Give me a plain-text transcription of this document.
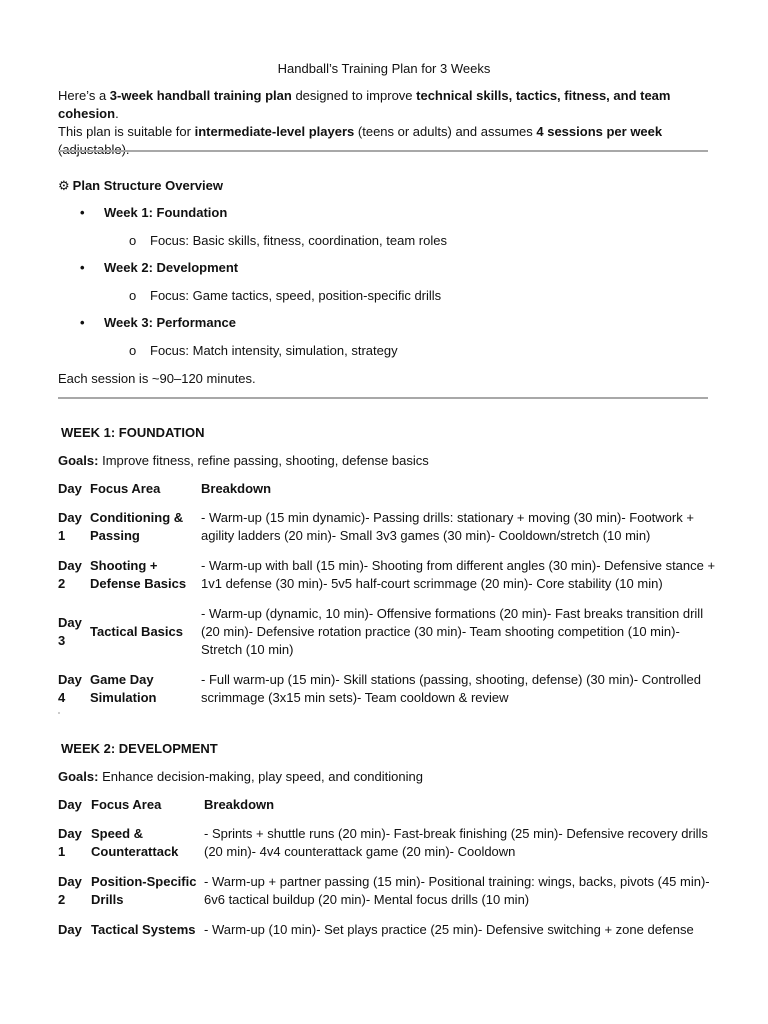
Handball’s Training Plan for 3 Weeks
Here’s a 3-week handball training plan designed to improve technical skills, tactics, fitness, and team cohesion.
This plan is suitable for intermediate-level players (teens or adults) and assumes 4 sessions per week
(adjustable).
⚙ Plan Structure Overview
• Week 1: Foundation
o Focus: Basic skills, fitness, coordination, team roles
• Week 2: Development
o Focus: Game tactics, speed, position-specific drills
• Week 3: Performance
o Focus: Match intensity, simulation, strategy
Each session is ~90–120 minutes.
WEEK 1: FOUNDATION
Goals: Improve fitness, refine passing, shooting, defense basics
Day	Focus Area	Breakdown
Day 1	Conditioning & Passing	- Warm-up (15 min dynamic)- Passing drills: stationary + moving (30 min)- Footwork + agility ladders (20 min)- Small 3v3 games (30 min)- Cooldown/stretch (10 min)
Day 2	Shooting + Defense Basics	- Warm-up with ball (15 min)- Shooting from different angles (30 min)- Defensive stance + 1v1 defense (30 min)- 5v5 half-court scrimmage (20 min)- Core stability (10 min)
Day 3	Tactical Basics	- Warm-up (dynamic, 10 min)- Offensive formations (20 min)- Fast breaks transition drill (20 min)- Defensive rotation practice (30 min)- Team shooting competition (10 min)- Stretch (10 min)
Day 4	Game Day Simulation	- Full warm-up (15 min)- Skill stations (passing, shooting, defense) (30 min)- Controlled scrimmage (3x15 min sets)- Team cooldown & review
WEEK 2: DEVELOPMENT
Goals: Enhance decision-making, play speed, and conditioning
Day	Focus Area	Breakdown
Day 1	Speed & Counterattack	- Sprints + shuttle runs (20 min)- Fast-break finishing (25 min)- Defensive recovery drills (20 min)- 4v4 counterattack game (20 min)- Cooldown
Day 2	Position-Specific Drills	- Warm-up + partner passing (15 min)- Positional training: wings, backs, pivots (45 min)- 6v6 tactical buildup (20 min)- Mental focus drills (10 min)
Day	Tactical Systems	- Warm-up (10 min)- Set plays practice (25 min)- Defensive switching + zone defense
